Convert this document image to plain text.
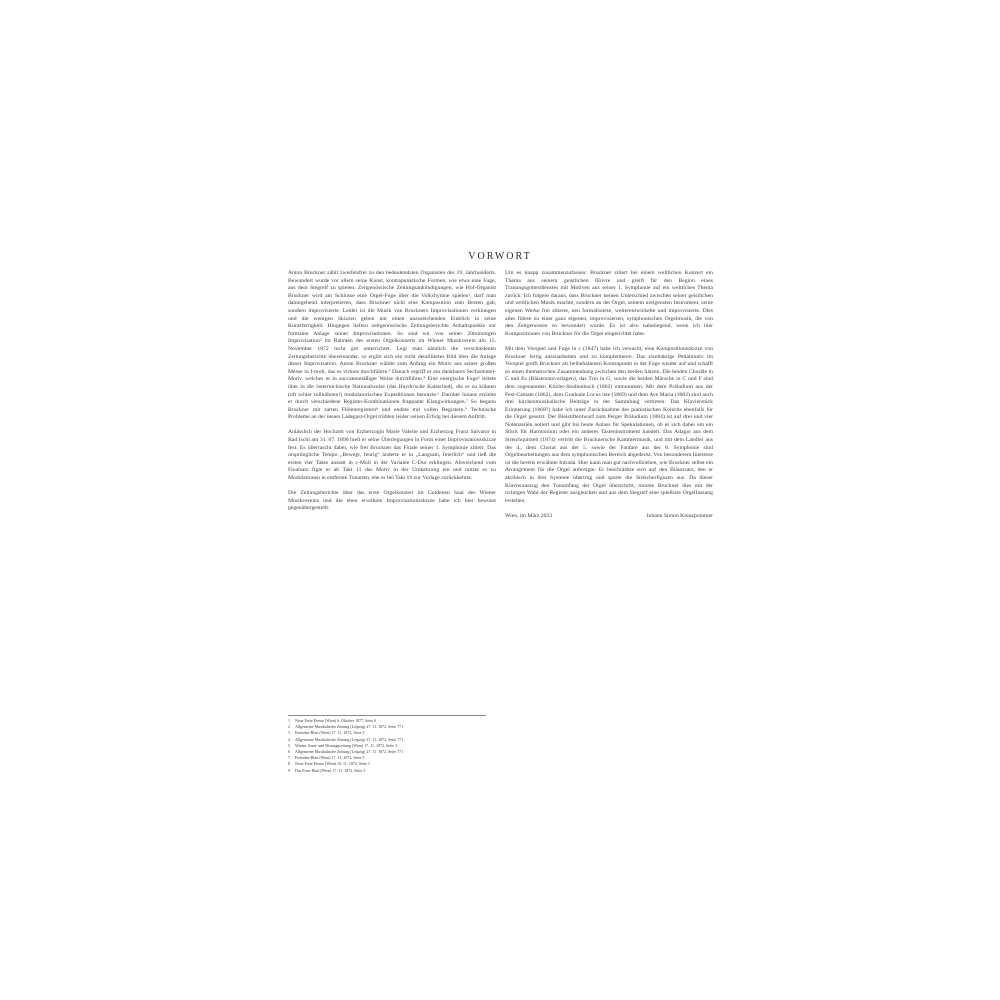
VORWORT

Anton Bruckner zählt zweifelsfrei zu den bedeutendsten Organisten des 19. Jahrhunderts. Bewundert wurde vor allem seine Kunst, kontrapunktische Formen, wie etwa eine Fuge, aus dem Stegreif zu spielen. Zeitgenössische Zeitungsankündigungen, wie Hof-Organist Bruckner wird am Schlusse eine Orgel-Fuge über die Volkshymne spielen¹, darf man dahingehend interpretieren, dass Bruckner nicht eine Komposition zum Besten gab, sondern improvisierte. Leider ist die Musik von Bruckners Improvisationen verklungen und die wenigen Skizzen geben nur einen unzureichenden Einblick in seine Kunstfertigkeit. Hingegen liefern zeitgenössische Zeitungsberichte Anhaltspunkte zur formalen Anlage seiner Improvisationen. So sind wir von seiner 20minutigen Improvisation² im Rahmen des ersten Orgelkonzerts im Wiener Musikverein am 15. November 1872 recht gut unterrichtet. Legt man nämlich die verschiedenen Zeitungsberichte übereinander, so ergibt sich ein recht detailliertes Bild über die Anlage dieser Improvisation. Anton Bruckner wählte zum Anfang ein Motiv aus seiner großen Messe in f-moll, das er virtuos durchführte.³ Danach ergriff er ein dankbares Sechzehntel-Motiv, welches er in succatenmäßiger Weise durchführte.⁴ Eine energische Fuge⁵ leitete über in die österreichische Nationalweise (das Haydn'sche Kaiserlied), die er zu kühnen (oft schier tollkühnen!) modulatorischen Expeditionen benutzte.⁶ Darüber hinaus erzielte er durch verschiedene Register-Kombinationen frappante Klangwirkungen.⁷ So begann Bruckner mit zarten Flötenregistern⁸ und endete mit vollen Registern.⁹ Technische Probleme an der neuen Ladegast-Orgel trübten leider seinen Erfolg bei diesem Auftritt.

Anlässlich der Hochzeit von Erzherzogin Marie Valerie und Erzherzog Franz Salvator in Bad Ischl am 31. 07. 1890 hielt er seine Überlegungen in Form einer Improvisationsskizze fest. Es überrascht dabei, wie frei Bruckner das Finale seiner 1. Symphonie zitiert. Das ursprüngliche Tempo „Bewegt, feurig“ änderte er in „Langsam, feierlich“ und ließ die ersten vier Takte anstatt in c-Moll in der Variante C-Dur erklingen. Abweichend vom Finalsatz figte er ab Takt 11 das Motiv in der Umkehrung ein und nutzte es zu Modulationen in entfernte Tonarten, ehe er bei Takt 19 zur Vorlage zurückkehrte.

Die Zeitungsberichte über das erste Orgelkonzert im Goldenen Saal des Wiener Musikvereins und die eben erwähnte Improvisationsskizze habe ich hier bewusst gegenübergestellt.

Um es knapp zusammenzufassen: Bruckner zitiert bei einem weltlichen Konzert ein Thema aus seinem geistlichen Œuvre und greift für den Beginn eines Trauungsgottesdienstes mit Motiven aus seiner 1. Symphonie auf ein weltliches Thema zurück. Ich folgere daraus, dass Bruckner keinen Unterschied zwischen seiner geistlichen und weltlichen Musik machte, sondern an der Orgel, seinem ureigensten Instrument, seine eigenen Werke frei zitierte, neu formalisierte, weiterentwickelte und improvisierte. Dies alles führte zu einer ganz eigenen, improvisierten, symphonischen Orgelmusik, die von den Zeitgenossen so bewundert wurde. Es ist also naheliegend, wenn ich hier Kompositionen von Bruckner für die Orgel eingerichtet habe.

Mit dem Vorspiel und Fuge in c (1847) habe ich versucht, eine Kompositionsskizze von Bruckner fertig auszuarbeiten und zu komplettieren. Das zweitaktige Pedalmotiv im Vorspiel greift Bruckner als beibehaltenen Kontrapunkt in der Fuge wieder auf und schafft so einen thematischen Zusammenhang zwischen den beiden Sätzen. Die beiden Choräle in C und Es (Bläsersatzvorlagen), das Trio in G, sowie die beiden Märsche in C und F sind dem sogenannten Kitzler-Studienbuch (1862) entnommen. Mit dem Präludium aus der Fest-Cantate (1862), dem Graduale Locus iste (1869) und dem Ave Maria (1882) sind auch drei kirchenmusikalische Beiträge in der Sammlung vertreten. Das Klavierstück Erinnerung (1868?) habe ich unter Zurücknahme des pianistischen Kolorits ebenfalls für die Orgel gesetzt. Der Bleistiftentwurf zum Perger Präludium (1884) ist auf drei und vier Notenzeilen notiert und gibt bis heute Anlass für Spekulationen, ob es sich dabei um ein Stück für Harmonium oder ein anderes Tasteninstrument handelt. Das Adagio aus dem Streichquintett (1874) vertritt die Brucknersche Kammermusik, und mit dem Landler aus der 4., dem Choral aus der 5. sowie der Fanfare aus der 8. Symphonie sind Orgelbearbeitungen aus dem symphonischen Bereich abgedeckt. Von besonderem Interesse ist die bereits erwähnte Intrada. Hier kann man gut nachvollziehen, wie Bruckner selbst ein Arrangement für die Orgel anfertigte: Er beschränkte sich auf den Bläsersatz, den er akribisch in drei Systeme übertrug und sparte die Streicherfiguren aus. Da dieser Klavierauszug den Tonumfang der Orgel überschritt, musste Bruckner dies mit der richtigen Wahl der Register ausgleichen und aus dem Stegreif eine spielbare Orgelfassung erstellen.

Wien, im März 2023	Johann Simon Kreuzpointner
1	Neue Freie Presse (Wien) 6. Oktober 1877, Seite 6
2	Allgemeine Musikalische Zeitung (Leipzig) 27. 11. 1872, Seite 771
3	Fremden-Blatt (Wien) 17. 11. 1872, Seite 5
4	Allgemeine Musikalische Zeitung (Leipzig) 27. 11. 1872, Seite 771
5	Wiener Sonn- und Montagszeitung (Wien) 17. 11. 1872, Seite 3
6	Allgemeine Musikalische Zeitung (Leipzig) 27. 11. 1872, Seite 771
7	Fremden-Blatt (Wien) 17. 11. 1872, Seite 5
8	Neue Freie Presse (Wien) 19. 11. 1872, Seite 1
9	Das Freie Blatt (Wien) 17. 11. 1872, Seite 3
